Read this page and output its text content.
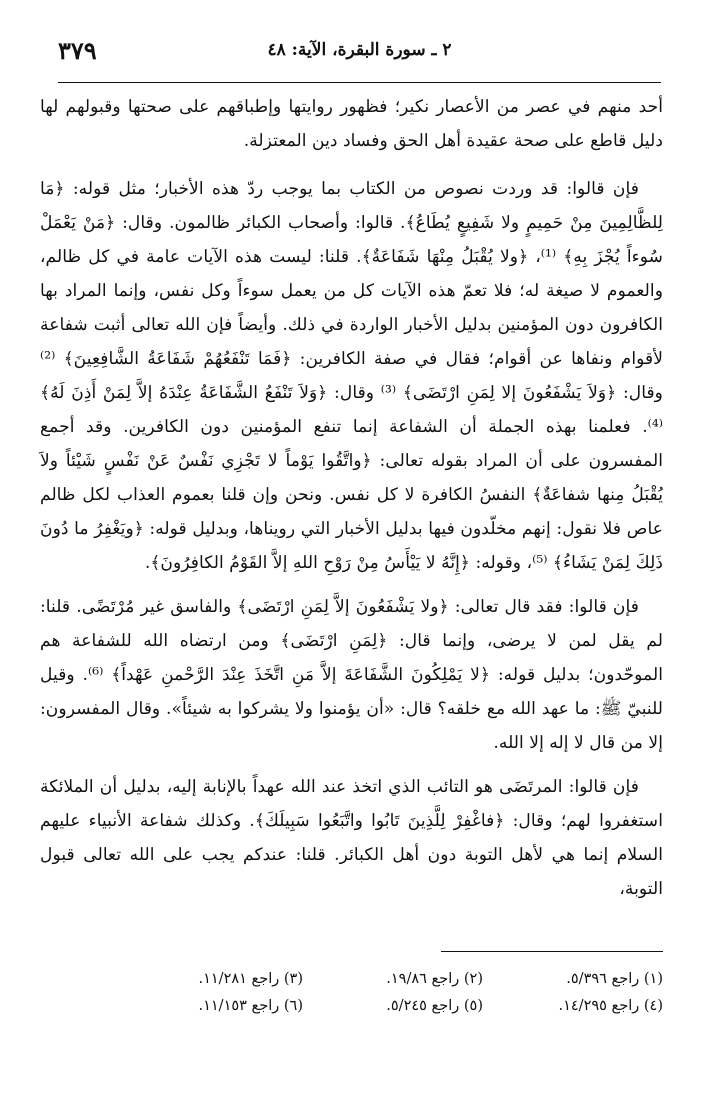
٢ ـ سورة البقرة، الآية: ٤٨
٣٧٩

أحد منهم في عصر من الأعصار نكير؛ فظهور روايتها وإطباقهم على صحتها وقبولهم لها دليل قاطع على صحة عقيدة أهل الحق وفساد دين المعتزلة.

فإن قالوا: قد وردت نصوص من الكتاب بما يوجب ردّ هذه الأخبار؛ مثل قوله: ﴿مَا لِلظَّالِمِينَ مِنْ حَمِيمٍ ولا شَفِيعٍ يُطَاعُ﴾. قالوا: وأصحاب الكبائر ظالمون. وقال: ﴿مَنْ يَعْمَلْ سُوءاً يُجْزَ بِهِ﴾ ⁽¹⁾، ﴿ولا يُقْبَلُ مِنْهَا شَفَاعَةٌ﴾. قلنا: ليست هذه الآيات عامة في كل ظالم، والعموم لا صيغة له؛ فلا تعمّ هذه الآيات كل من يعمل سوءاً وكل نفس، وإنما المراد بها الكافرون دون المؤمنين بدليل الأخبار الواردة في ذلك. وأيضاً فإن الله تعالى أثبت شفاعة لأقوام ونفاها عن أقوام؛ فقال في صفة الكافرين: ﴿فَمَا تَنْفَعُهُمْ شَفَاعَةُ الشَّافِعِينَ﴾ ⁽²⁾ وقال: ﴿وَلاَ يَشْفَعُونَ إلا لِمَنِ ارْتَضَى﴾ ⁽³⁾ وقال: ﴿وَلاَ تَنْفَعُ الشَّفَاعَةُ عِنْدَهُ إلاَّ لِمَنْ أَذِنَ لَهُ﴾ ⁽⁴⁾. فعلمنا بهذه الجملة أن الشفاعة إنما تنفع المؤمنين دون الكافرين. وقد أجمع المفسرون على أن المراد بقوله تعالى: ﴿واتَّقُوا يَوْماً لا تَجْزِي نَفْسٌ عَنْ نَفْسٍ شَيْئاً ولاَ يُقْبَلُ مِنها شفاعَةٌ﴾ النفسُ الكافرة لا كل نفس. ونحن وإن قلنا بعموم العذاب لكل ظالم عاص فلا نقول: إنهم مخلّدون فيها بدليل الأخبار التي رويناها، وبدليل قوله: ﴿ويَغْفِرُ ما دُونَ ذَلِكَ لِمَنْ يَشَاءُ﴾ ⁽⁵⁾، وقوله: ﴿إِنَّهُ لا يَيْأَسُ مِنْ رَوْحِ اللهِ إلاَّ القَوْمُ الكافِرُونَ﴾.

فإن قالوا: فقد قال تعالى: ﴿ولا يَشْفَعُونَ إلاَّ لِمَنِ ارْتَضَى﴾ والفاسق غير مُرْتَضًى. قلنا: لم يقل لمن لا يرضى، وإنما قال: ﴿لِمَنِ ارْتَضَى﴾ ومن ارتضاه الله للشفاعة هم الموحّدون؛ بدليل قوله: ﴿لا يَمْلِكُونَ الشَّفَاعَةَ إلاَّ مَنِ اتَّخَذَ عِنْدَ الرَّحْمنِ عَهْداً﴾ ⁽⁶⁾. وقيل للنبيّ ﷺ: ما عهد الله مع خلقه؟ قال: «أن يؤمنوا ولا يشركوا به شيئاً». وقال المفسرون: إلا من قال لا إله إلا الله.

فإن قالوا: المرتَضَى هو التائب الذي اتخذ عند الله عهداً بالإنابة إليه، بدليل أن الملائكة استغفروا لهم؛ وقال: ﴿فاغْفِرْ لِلَّذِينَ تَابُوا واتَّبَعُوا سَبِيلَكَ﴾. وكذلك شفاعة الأنبياء عليهم السلام إنما هي لأهل التوبة دون أهل الكبائر. قلنا: عندكم يجب على الله تعالى قبول التوبة،

(١) راجع ٥/٣٩٦.
(٢) راجع ١٩/٨٦.
(٣) راجع ١١/٢٨١.
(٤) راجع ١٤/٢٩٥.
(٥) راجع ٥/٢٤٥.
(٦) راجع ١١/١٥٣.
